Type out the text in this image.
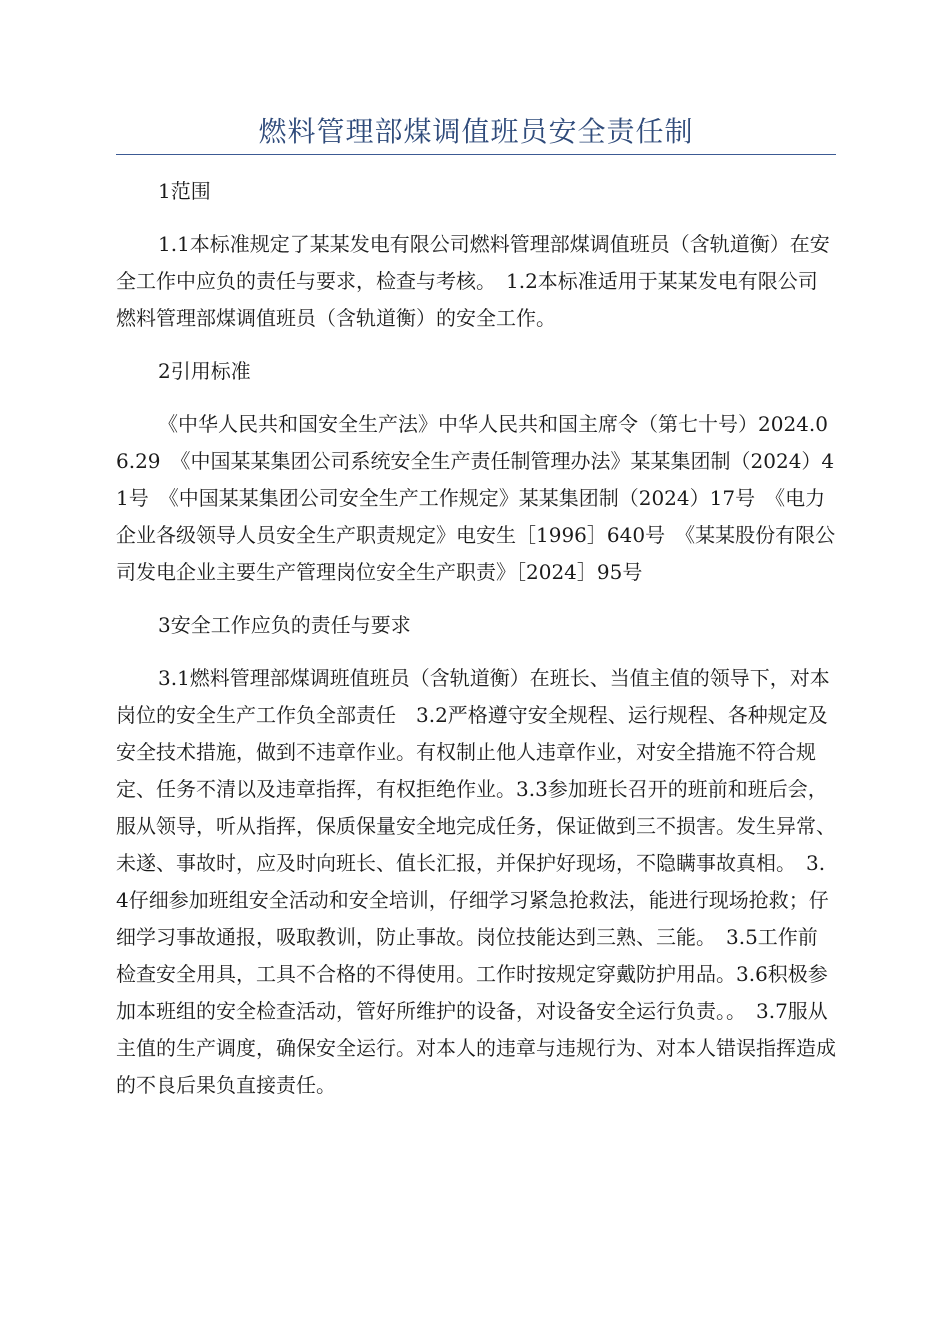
燃料管理部煤调值班员安全责任制

1范围

1.1本标准规定了某某发电有限公司燃料管理部煤调值班员（含轨道衡）在安全工作中应负的责任与要求，检查与考核。　1.2本标准适用于某某发电有限公司燃料管理部煤调值班员（含轨道衡）的安全工作。

2引用标准

《中华人民共和国安全生产法》中华人民共和国主席令（第七十号）2024.06.29　《中国某某集团公司系统安全生产责任制管理办法》某某集团制（2024）41号　《中国某某集团公司安全生产工作规定》某某集团制（2024）17号　《电力企业各级领导人员安全生产职责规定》电安生［1996］640号　《某某股份有限公司发电企业主要生产管理岗位安全生产职责》［2024］95号

3安全工作应负的责任与要求

3.1燃料管理部煤调班值班员（含轨道衡）在班长、当值主值的领导下，对本岗位的安全生产工作负全部责任　3.2严格遵守安全规程、运行规程、各种规定及安全技术措施，做到不违章作业。有权制止他人违章作业，对安全措施不符合规定、任务不清以及违章指挥，有权拒绝作业。3.3参加班长召开的班前和班后会，服从领导，听从指挥，保质保量安全地完成任务，保证做到三不损害。发生异常、未遂、事故时，应及时向班长、值长汇报，并保护好现场，不隐瞒事故真相。　3.4仔细参加班组安全活动和安全培训，仔细学习紧急抢救法，能进行现场抢救；仔细学习事故通报，吸取教训，防止事故。岗位技能达到三熟、三能。　3.5工作前检查安全用具，工具不合格的不得使用。工作时按规定穿戴防护用品。3.6积极参加本班组的安全检查活动，管好所维护的设备，对设备安全运行负责。。　3.7服从主值的生产调度，确保安全运行。对本人的违章与违规行为、对本人错误指挥造成的不良后果负直接责任。
